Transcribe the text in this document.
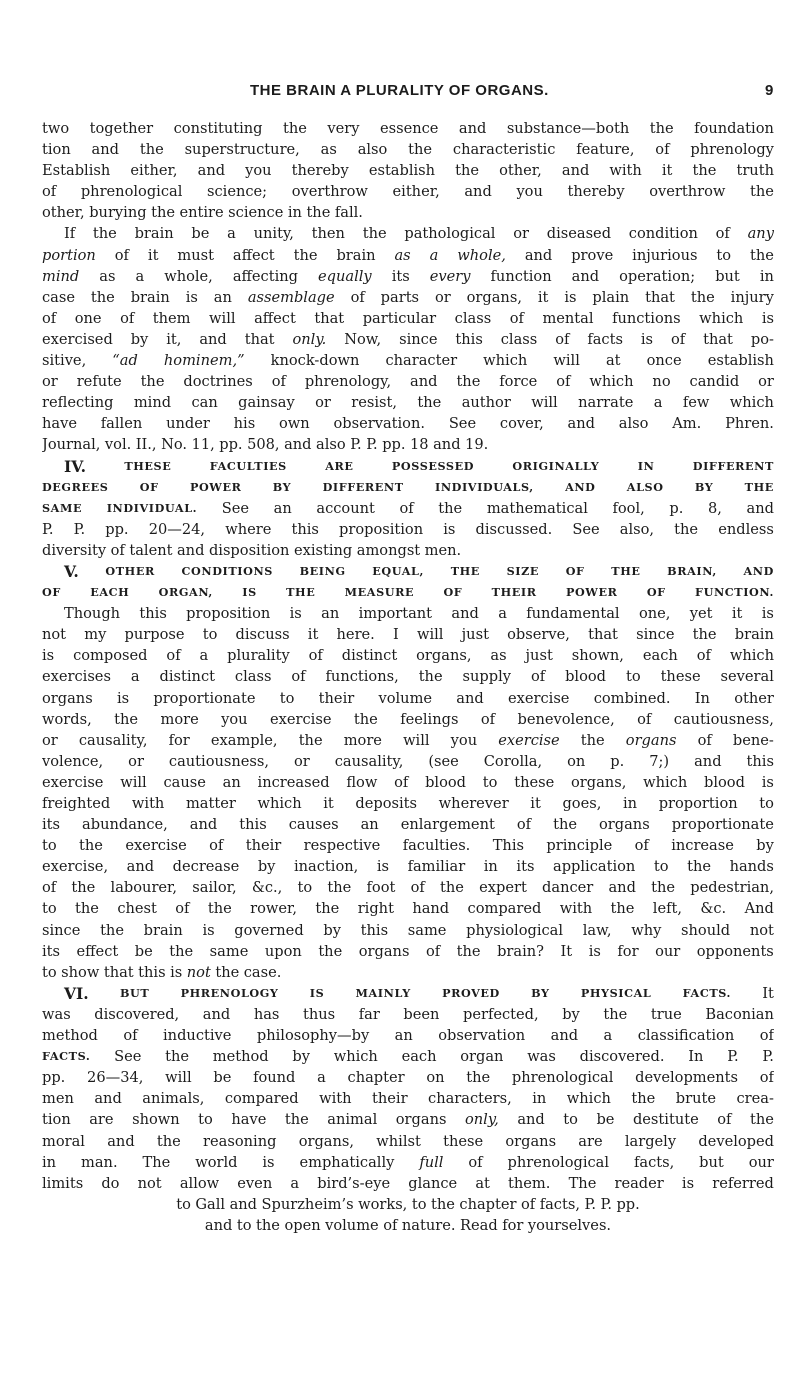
THE BRAIN A PLURALITY OF ORGANS.	9
two together constituting the very essence and substance—both the foundation
tion and the superstructure, as also the characteristic feature, of phrenology
Establish either, and you thereby establish the other, and with it the truth
of phrenological science; overthrow either, and you thereby overthrow the
other, burying the entire science in the fall.
If the brain be a unity, then the pathological or diseased condition of any
portion of it must affect the brain as a whole, and prove injurious to the
mind as a whole, affecting equally its every function and operation; but in
case the brain is an assemblage of parts or organs, it is plain that the injury
of one of them will affect that particular class of mental functions which is
exercised by it, and that only. Now, since this class of facts is of that po-
sitive, “ad hominem,” knock-down character which will at once establish
or refute the doctrines of phrenology, and the force of which no candid or
reflecting mind can gainsay or resist, the author will narrate a few which
have fallen under his own observation. See cover, and also Am. Phren.
Journal, vol. II., No. 11, pp. 508, and also P. P. pp. 18 and 19.
IV.	THESE	FACULTIES	ARE	POSSESSED	ORIGINALLY	IN	DIFFERENT
DEGREES	OF	POWER	BY	DIFFERENT	INDIVIDUALS,	AND	ALSO	BY	THE
SAME INDIVIDUAL. See an account of the mathematical fool, p. 8, and
P. P. pp. 20—24, where this proposition is discussed. See also, the endless
diversity of talent and disposition existing amongst men.
V. OTHER CONDITIONS BEING EQUAL, THE SIZE OF THE BRAIN, AND
OF	EACH	ORGAN,	IS	THE	MEASURE	OF	THEIR	POWER	OF	FUNCTION.
Though this proposition is an important and a fundamental one, yet it is
not my purpose to discuss it here. I will just observe, that since the brain
is composed of a plurality of distinct organs, as just shown, each of which
exercises a distinct class of functions, the supply of blood to these several
organs is proportionate to their volume and exercise combined. In other
words, the more you exercise the feelings of benevolence, of cautiousness,
or causality, for example, the more will you exercise the organs of bene-
volence, or cautiousness, or causality, (see Corolla, on p. 7;) and this
exercise will cause an increased flow of blood to these organs, which blood is
freighted with matter which it deposits wherever it goes, in proportion to
its abundance, and this causes an enlargement of the organs proportionate
to the exercise of their respective faculties. This principle of increase by
exercise, and decrease by inaction, is familiar in its application to the hands
of the labourer, sailor, &c., to the foot of the expert dancer and the pedestrian,
to the chest of the rower, the right hand compared with the left, &c. And
since the brain is governed by this same physiological law, why should not
its effect be the same upon the organs of the brain? It is for our opponents
to show that this is not the case.
VI.	BUT	PHRENOLOGY	IS	MAINLY	PROVED	BY	PHYSICAL	FACTS. It
was discovered, and has thus far been perfected, by the true Baconian
method of inductive philosophy—by an observation and a classification of
FACTS. See the method by which each organ was discovered. In P. P.
pp. 26—34, will be found a chapter on the phrenological developments of
men and animals, compared with their characters, in which the brute crea-
tion are shown to have the animal organs only, and to be destitute of the
moral and the reasoning organs, whilst these organs are largely developed
in man. The world is emphatically full of phrenological facts, but our
limits do not allow even a bird’s-eye glance at them. The reader is referred
to Gall and Spurzheim’s works, to the chapter of facts, P. P. pp.
and to the open volume of nature. Read for yourselves.
